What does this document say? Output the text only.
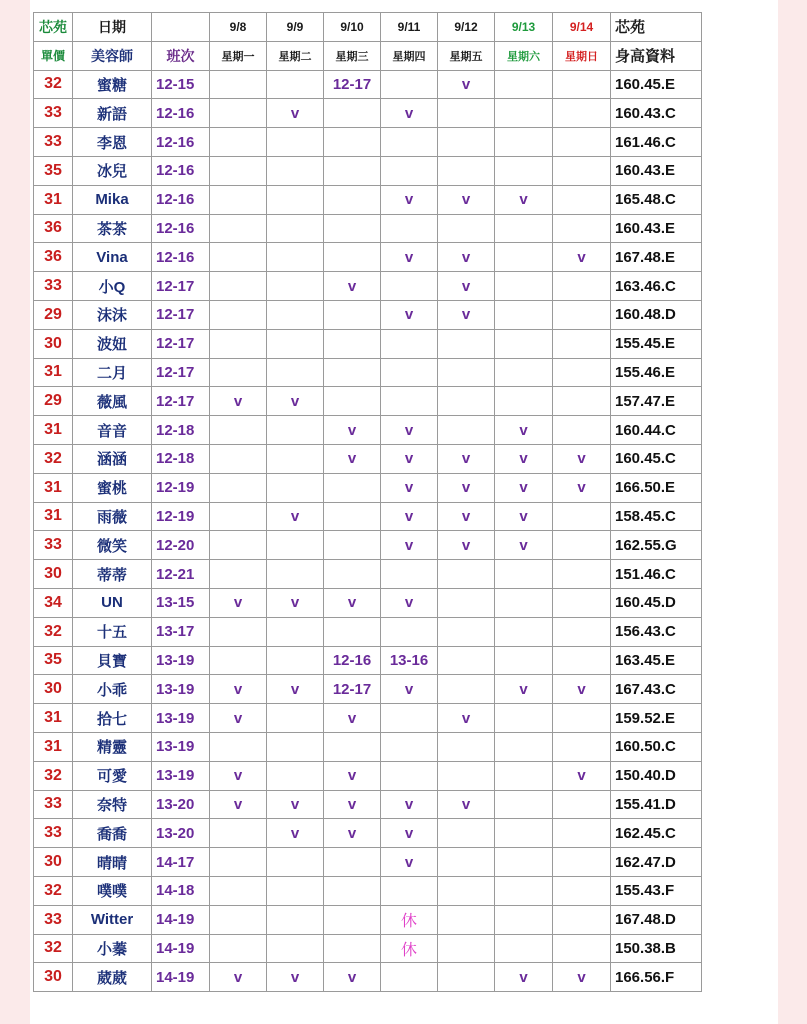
芯苑	日期		9/8	9/9	9/10	9/11	9/12	9/13	9/14	芯苑
單價	美容師	班次	星期一	星期二	星期三	星期四	星期五	星期六	星期日	身高資料
32	蜜糖	12-15			12-17		v			160.45.E
33	新語	12-16		v		v				160.43.C
33	李恩	12-16								161.46.C
35	冰兒	12-16								160.43.E
31	Mika	12-16				v	v	v		165.48.C
36	茶茶	12-16								160.43.E
36	Vina	12-16				v	v		v	167.48.E
33	小Q	12-17			v		v			163.46.C
29	沫沫	12-17				v	v			160.48.D
30	波妞	12-17								155.45.E
31	二月	12-17								155.46.E
29	薇風	12-17	v	v						157.47.E
31	音音	12-18			v	v		v		160.44.C
32	涵涵	12-18			v	v	v	v	v	160.45.C
31	蜜桃	12-19				v	v	v	v	166.50.E
31	雨薇	12-19		v		v	v	v		158.45.C
33	微笑	12-20				v	v	v		162.55.G
30	蒂蒂	12-21								151.46.C
34	UN	13-15	v	v	v	v				160.45.D
32	十五	13-17								156.43.C
35	貝寶	13-19			12-16	13-16				163.45.E
30	小乖	13-19	v	v	12-17	v		v	v	167.43.C
31	拾七	13-19	v		v		v			159.52.E
31	精靈	13-19								160.50.C
32	可愛	13-19	v		v				v	150.40.D
33	奈特	13-20	v	v	v	v	v			155.41.D
33	喬喬	13-20		v	v	v				162.45.C
30	晴晴	14-17				v				162.47.D
32	噗噗	14-18								155.43.F
33	Witter	14-19				休				167.48.D
32	小蓁	14-19				休				150.38.B
30	葳葳	14-19	v	v	v			v	v	166.56.F
